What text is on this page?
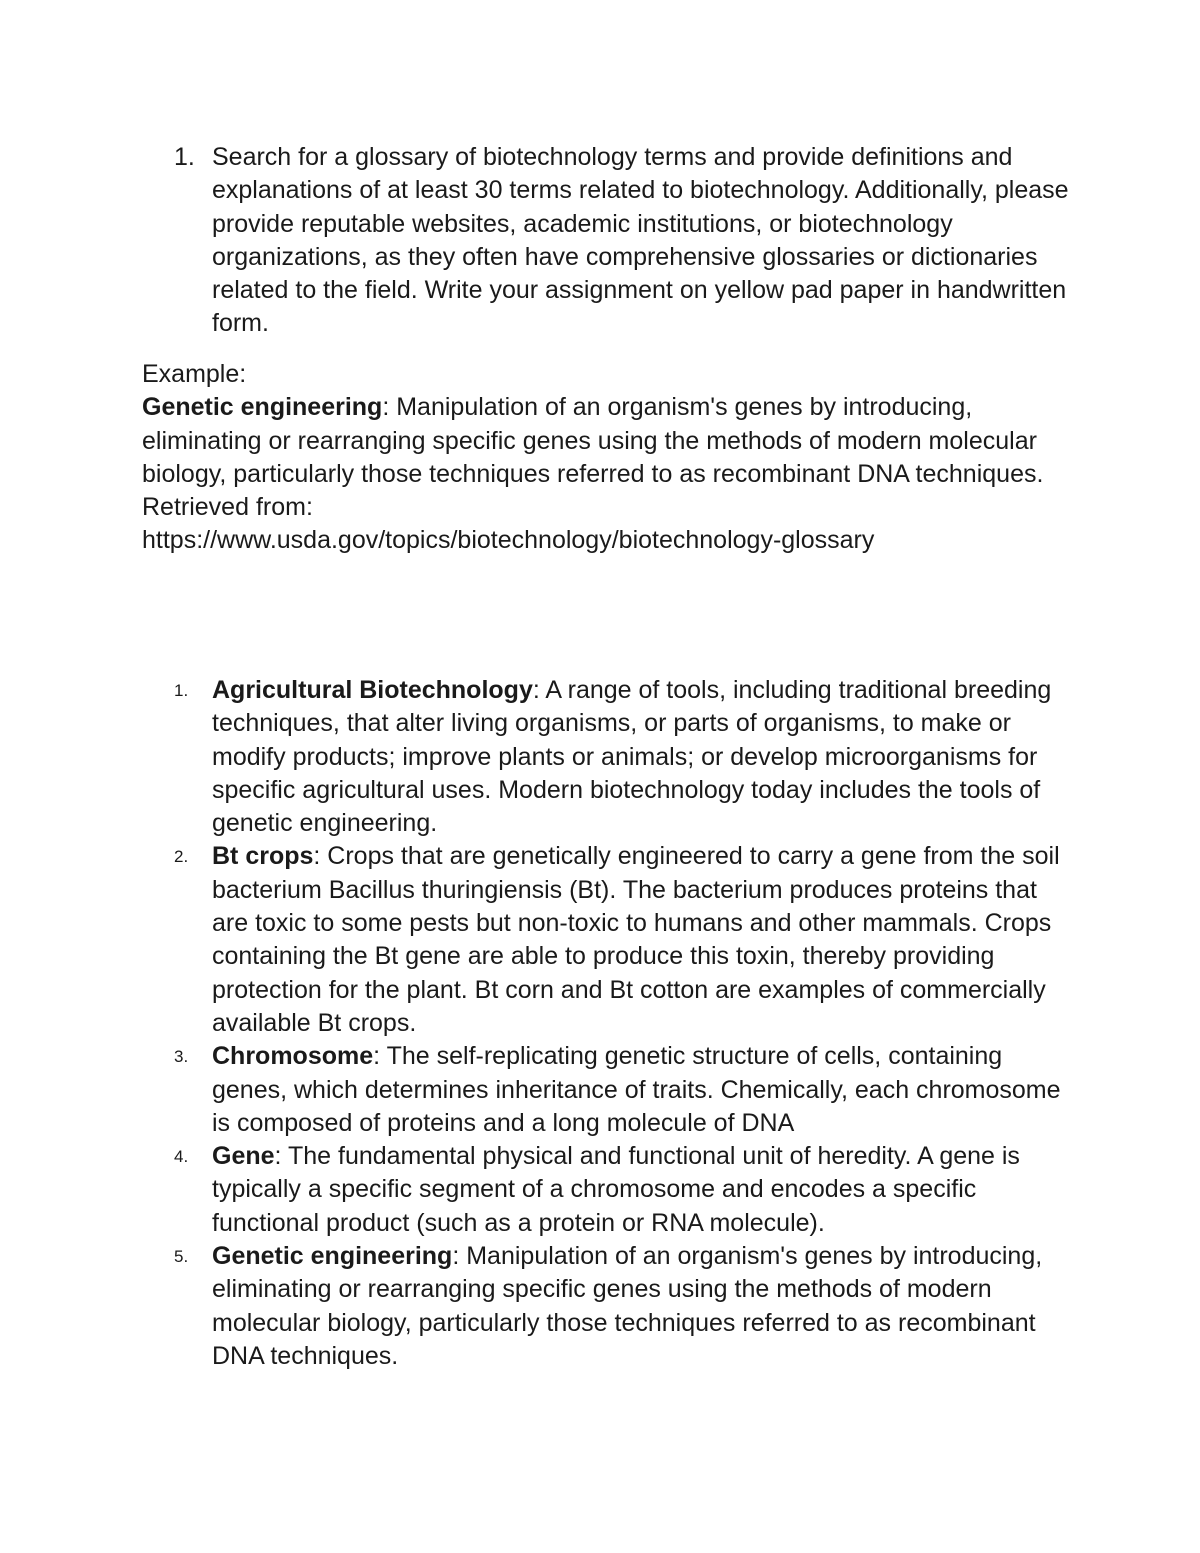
1. Search for a glossary of biotechnology terms and provide definitions and explanations of at least 30 terms related to biotechnology. Additionally, please provide reputable websites, academic institutions, or biotechnology organizations, as they often have comprehensive glossaries or dictionaries related to the field. Write your assignment on yellow pad paper in handwritten form.

Example:

Genetic engineering: Manipulation of an organism's genes by introducing, eliminating or rearranging specific genes using the methods of modern molecular biology, particularly those techniques referred to as recombinant DNA techniques. Retrieved from:

https://www.usda.gov/topics/biotechnology/biotechnology-glossary

1. Agricultural Biotechnology: A range of tools, including traditional breeding techniques, that alter living organisms, or parts of organisms, to make or modify products; improve plants or animals; or develop microorganisms for specific agricultural uses. Modern biotechnology today includes the tools of genetic engineering.
2. Bt crops: Crops that are genetically engineered to carry a gene from the soil bacterium Bacillus thuringiensis (Bt). The bacterium produces proteins that are toxic to some pests but non-toxic to humans and other mammals. Crops containing the Bt gene are able to produce this toxin, thereby providing protection for the plant. Bt corn and Bt cotton are examples of commercially available Bt crops.
3. Chromosome: The self-replicating genetic structure of cells, containing genes, which determines inheritance of traits. Chemically, each chromosome is composed of proteins and a long molecule of DNA
4. Gene: The fundamental physical and functional unit of heredity. A gene is typically a specific segment of a chromosome and encodes a specific functional product (such as a protein or RNA molecule).
5. Genetic engineering: Manipulation of an organism's genes by introducing, eliminating or rearranging specific genes using the methods of modern molecular biology, particularly those techniques referred to as recombinant DNA techniques.
